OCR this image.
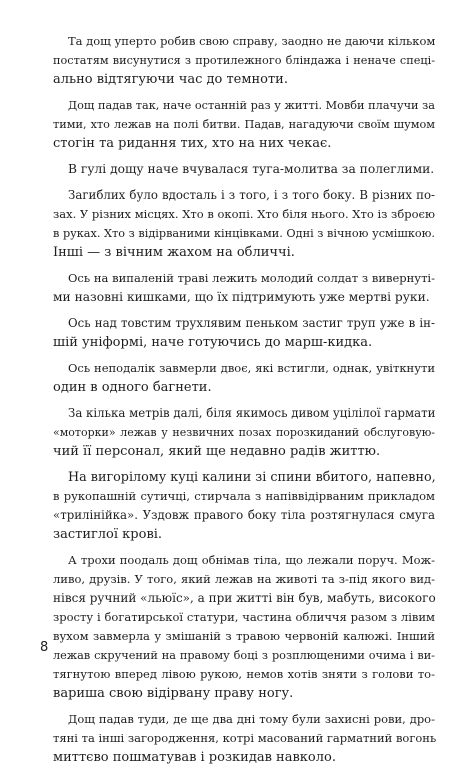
Та дощ уперто робив свою справу, заодно не даючи кільком
постатям висунутися з протилежного бліндажа і неначе спеці-
ально відтягуючи час до темноти.
Дощ падав так, наче останній раз у житті. Мовби плачучи за
тими, хто лежав на полі битви. Падав, нагадуючи своїм шумом
стогін та ридання тих, хто на них чекає.
В гулі дощу наче вчувалася туга-молитва за полеглими.
Загиблих було вдосталь і з того, і з того боку. В різних по-
зах. У різних місцях. Хто в окопі. Хто біля нього. Хто із зброєю
в руках. Хто з відірваними кінцівками. Одні з вічною усмішкою.
Інші — з вічним жахом на обличчі.
Ось на випаленій траві лежить молодий солдат з вивернуті-
ми назовні кишками, що їх підтримують уже мертві руки.
Ось над товстим трухлявим пеньком застиг труп уже в ін-
шій уніформі, наче готуючись до марш-кидка.
Ось неподалік завмерли двоє, які встигли, однак, увіткнути
один в одного багнети.
За кілька метрів далі, біля якимось дивом уцілілої гармати
«моторки» лежав у незвичних позах порозкиданий обслуговую-
чий її персонал, який ще недавно радів життю.
На вигорілому куці калини зі спини вбитого, напевно,
в рукопашній сутичці, стирчала з напіввідірваним прикладом
«трилінійка». Уздовж правого боку тіла розтягнулася смуга
застиглої крові.
А трохи поодаль дощ обнімав тіла, що лежали поруч. Мож-
ливо, друзів. У того, який лежав на животі та з-під якого вид-
нівся ручний «льюїс», а при житті він був, мабуть, високого
зросту і богатирської статури, частина обличчя разом з лівим
вухом завмерла у змішаній з травою червоній калюжі. Інший
лежав скручений на правому боці з розплющеними очима і ви-
тягнутою вперед лівою рукою, немов хотів зняти з голови то-
вариша свою відірвану праву ногу.
Дощ падав туди, де ще два дні тому були захисні рови, дро-
тяні та інші загородження, котрі масований гарматний вогонь
миттєво пошматував і розкидав навколо.
8
